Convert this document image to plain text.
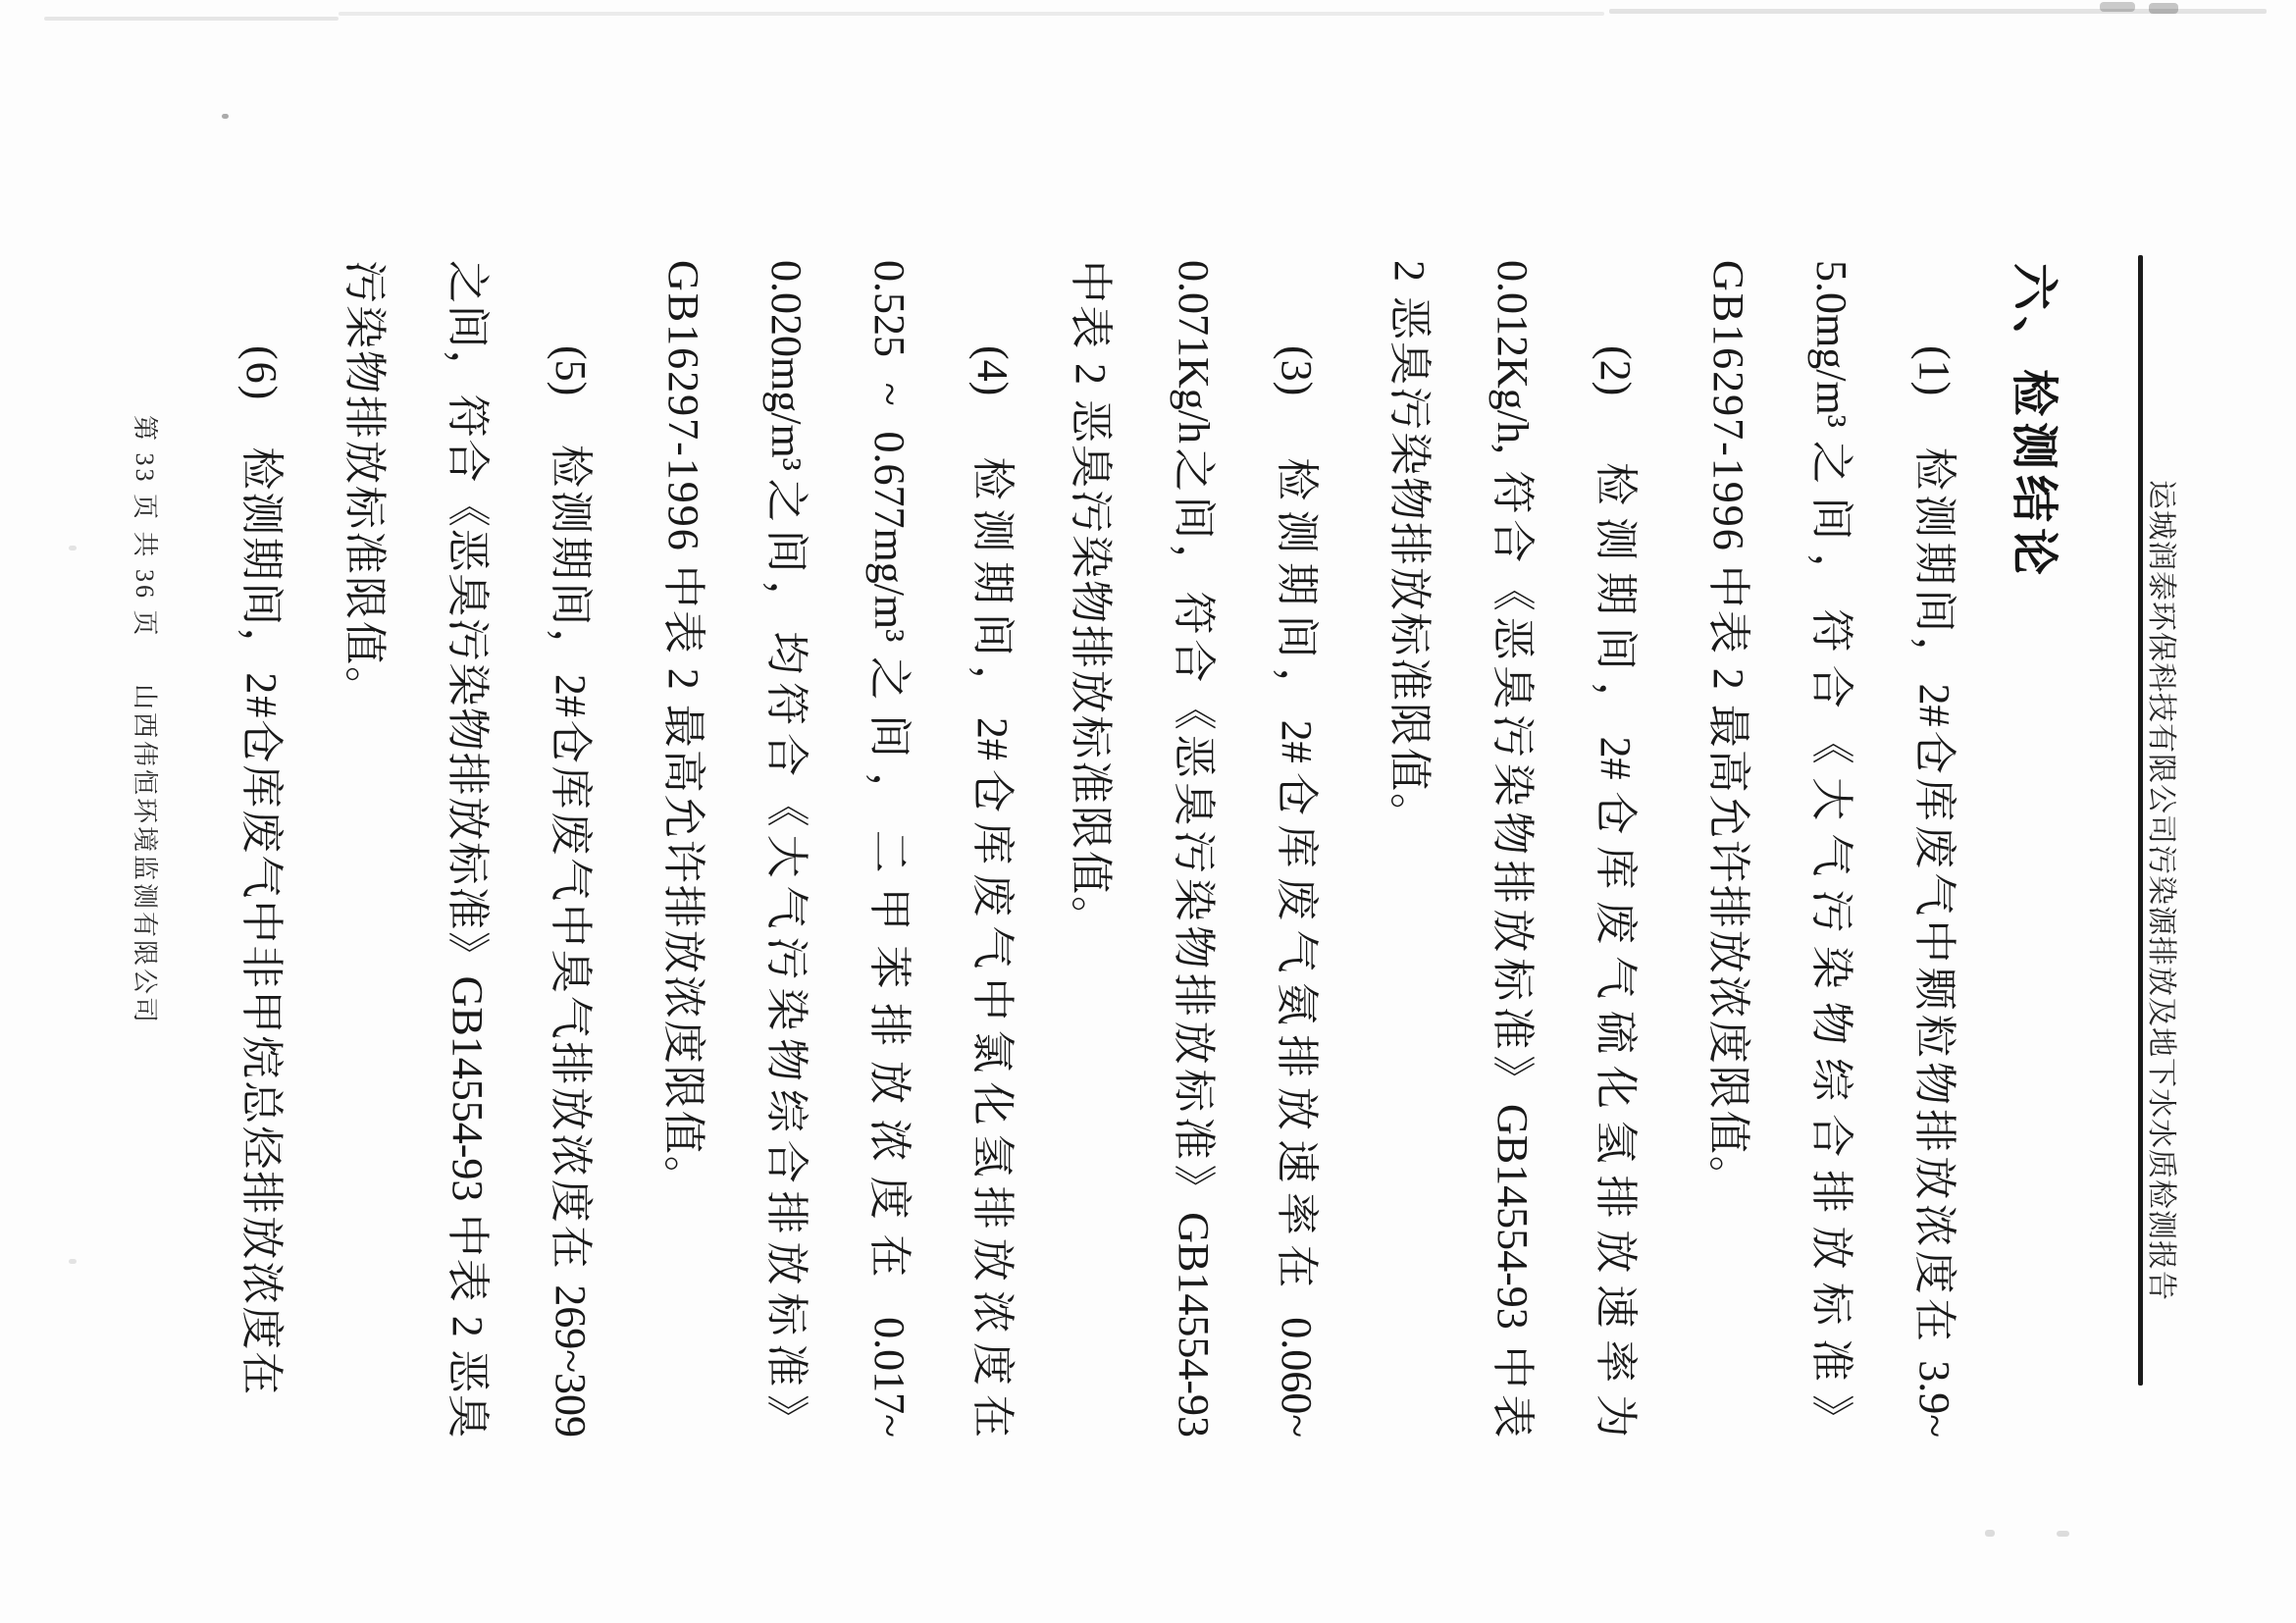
运城润泰环保科技有限公司污染源排放及地下水水质检测报告
六、检测结论
(1)　检测期间，2#仓库废气中颗粒物排放浓度在 3.9~
5.0mg/m³之间，符合《大气污染物综合排放标准》
GB16297-1996 中表 2 最高允许排放浓度限值。
(2)　检测期间，2#仓库废气硫化氢排放速率为
0.012Kg/h, 符合《恶臭污染物排放标准》GB14554-93 中表
2 恶臭污染物排放标准限值。
(3)　检测期间，2#仓库废气氨排放速率在 0.060~
0.071Kg/h之间，符合《恶臭污染物排放标准》GB14554-93
中表 2 恶臭污染物排放标准限值。
(4)　检测期间，2#仓库废气中氯化氢排放浓度在
0.525 ~ 0.677mg/m³之间，二甲苯排放浓度在 0.017~
0.020mg/m³之间，均符合《大气污染物综合排放标准》
GB16297-1996 中表 2 最高允许排放浓度限值。
(5)　检测期间，2#仓库废气中臭气排放浓度在 269~309
之间，符合《恶臭污染物排放标准》GB14554-93 中表 2 恶臭
污染物排放标准限值。
(6)　检测期间，2#仓库废气中非甲烷总烃排放浓度在
第 33 页 共 36 页
山西伟恒环境监测有限公司
